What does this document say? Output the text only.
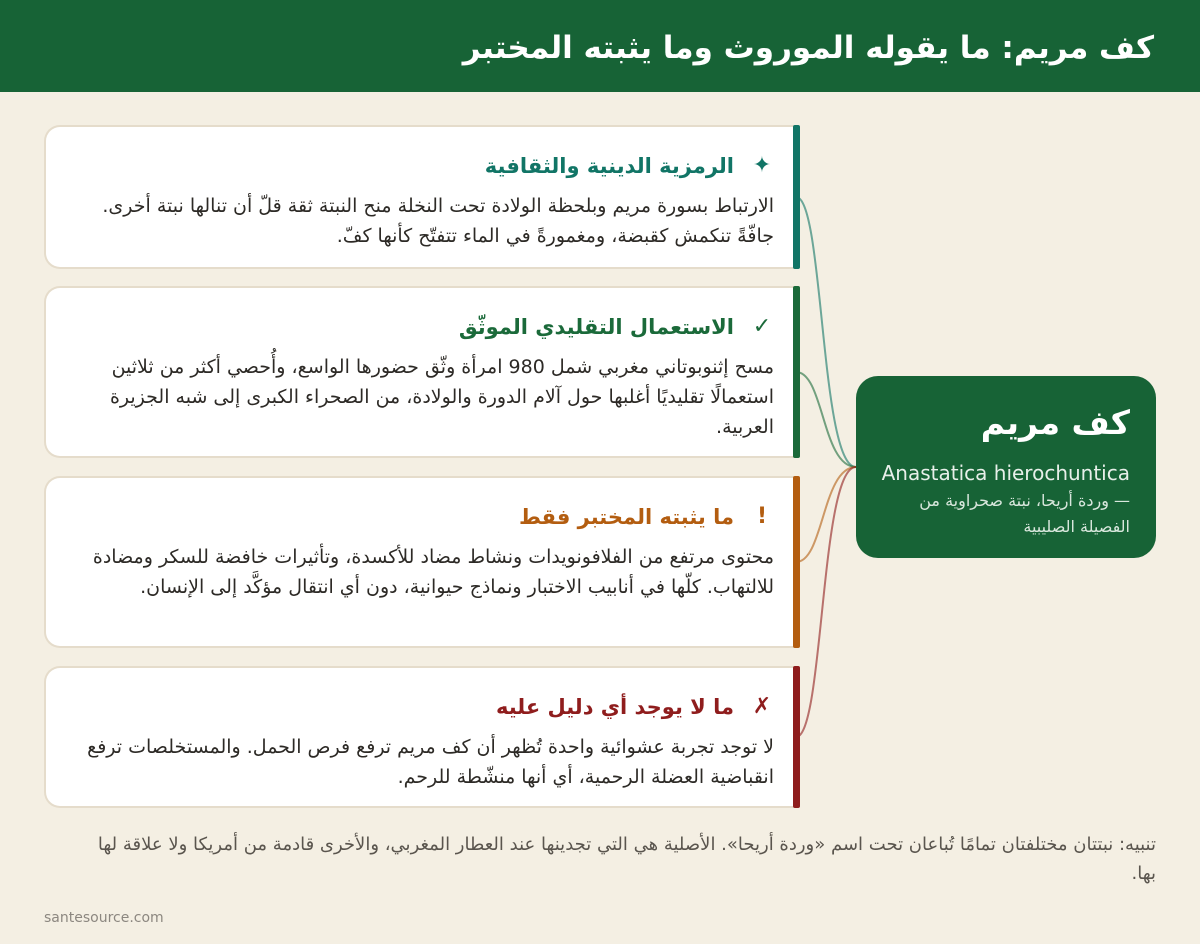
كف مريم: ما يقوله الموروث وما يثبته المختبر
✦
الرمزية الدينية والثقافية

الارتباط بسورة مريم وبلحظة الولادة تحت النخلة منح النبتة ثقة قلّ أن تنالها نبتة أخرى. جافّةً تنكمش كقبضة، ومغمورةً في الماء تتفتّح كأنها كفّ.

✓
الاستعمال التقليدي الموثّق

مسح إثنوبوتاني مغربي شمل 980 امرأة وثّق حضورها الواسع، وأُحصي أكثر من ثلاثين استعمالًا تقليديًا أغلبها حول آلام الدورة والولادة، من الصحراء الكبرى إلى شبه الجزيرة العربية.

!
ما يثبته المختبر فقط

محتوى مرتفع من الفلافونويدات ونشاط مضاد للأكسدة، وتأثيرات خافضة للسكر ومضادة للالتهاب. كلّها في أنابيب الاختبار ونماذج حيوانية، دون أي انتقال مؤكَّد إلى الإنسان.

✗
ما لا يوجد أي دليل عليه

لا توجد تجربة عشوائية واحدة تُظهر أن كف مريم ترفع فرص الحمل. والمستخلصات ترفع انقباضية العضلة الرحمية، أي أنها منشّطة للرحم.

كف مريم
Anastatica hierochuntica

— وردة أريحا، نبتة صحراوية من الفصيلة الصليبية

تنبيه: نبتتان مختلفتان تمامًا تُباعان تحت اسم «وردة أريحا». الأصلية هي التي تجدينها عند العطار المغربي، والأخرى قادمة من أمريكا ولا علاقة لها بها.

santesource.com
